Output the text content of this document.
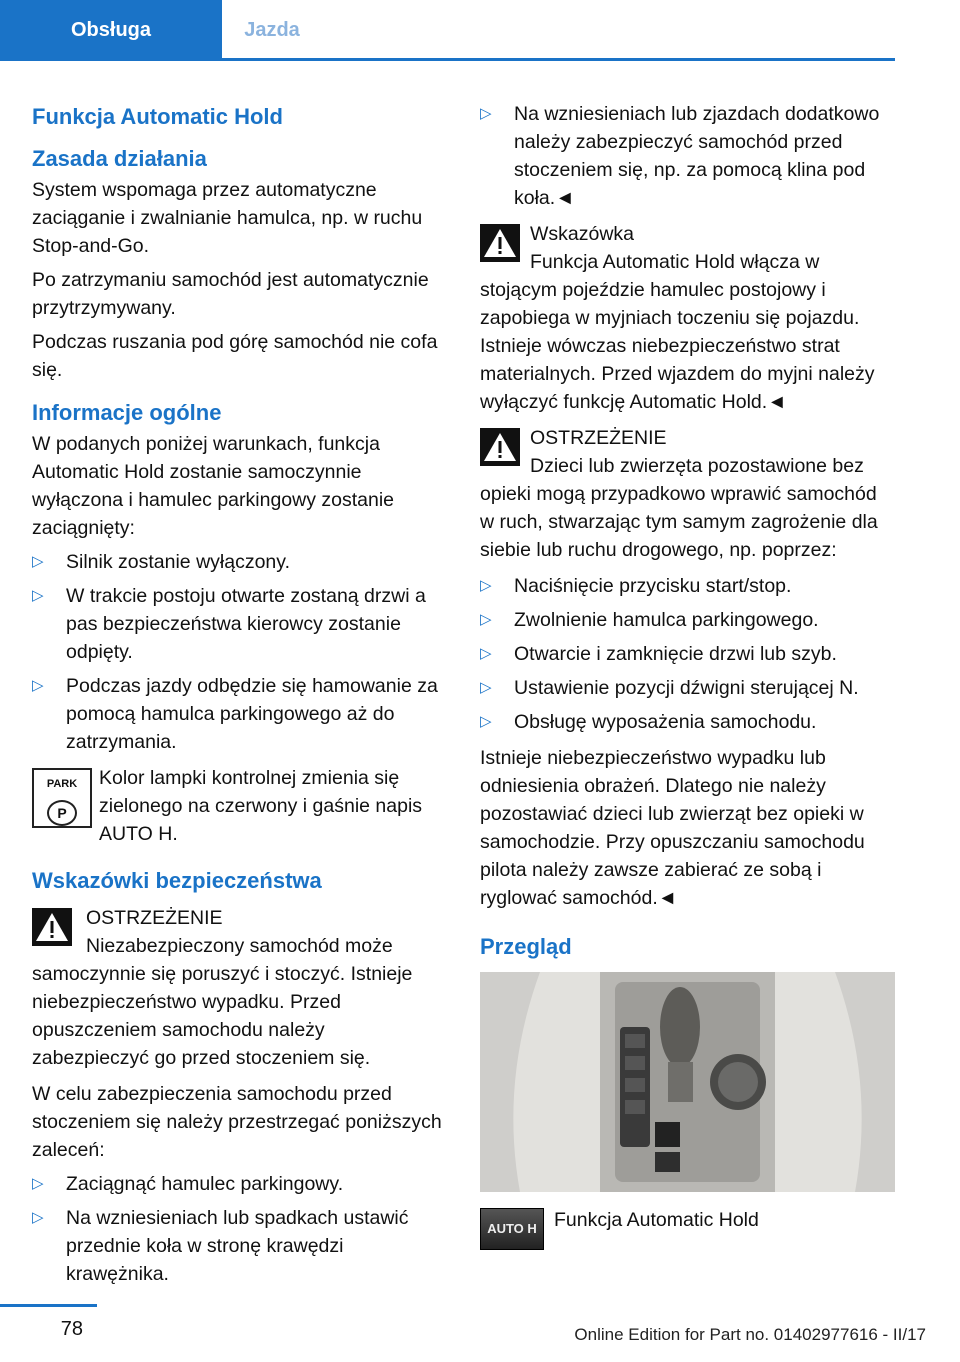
Obsługa	Jazda
Funkcja Automatic Hold
Zasada działania

System wspomaga przez automatyczne zaciąganie i zwalnianie hamulca, np. w ruchu Stop-and-Go.

Po zatrzymaniu samochód jest automatycznie przytrzymywany.

Podczas ruszania pod górę samochód nie cofa się.

Informacje ogólne

W podanych poniżej warunkach, funkcja Automatic Hold zostanie samoczynnie wyłączona i hamulec parkingowy zostanie zaciągnięty:

▷ Silnik zostanie wyłączony.
▷ W trakcie postoju otwarte zostaną drzwi a pas bezpieczeństwa kierowcy zostanie odpięty.
▷ Podczas jazdy odbędzie się hamowanie za pomocą hamulca parkingowego aż do zatrzymania.
PARK
P
Kolor lampki kontrolnej zmienia się zielonego na czerwony i gaśnie napis AUTO H.
Wskazówki bezpieczeństwa
OSTRZEŻENIE
Niezabezpieczony samochód może samoczynnie się poruszyć i stoczyć. Istnieje niebezpieczeństwo wypadku. Przed opuszczeniem samochodu należy zabezpieczyć go przed stoczeniem się.

W celu zabezpieczenia samochodu przed stoczeniem się należy przestrzegać poniższych zaleceń:

▷ Zaciągnąć hamulec parkingowy.
▷ Na wzniesieniach lub spadkach ustawić przednie koła w stronę krawędzi krawężnika.
▷ Na wzniesieniach lub zjazdach dodatkowo należy zabezpieczyć samochód przed stoczeniem się, np. za pomocą klina pod koła.◄
Wskazówka
Funkcja Automatic Hold włącza w stojącym pojeździe hamulec postojowy i zapobiega w myjniach toczeniu się pojazdu. Istnieje wówczas niebezpieczeństwo strat materialnych. Przed wjazdem do myjni należy wyłączyć funkcję Automatic Hold.◄
OSTRZEŻENIE
Dzieci lub zwierzęta pozostawione bez opieki mogą przypadkowo wprawić samochód w ruch, stwarzając tym samym zagrożenie dla siebie lub ruchu drogowego, np. poprzez:
▷ Naciśnięcie przycisku start/stop.
▷ Zwolnienie hamulca parkingowego.
▷ Otwarcie i zamknięcie drzwi lub szyb.
▷ Ustawienie pozycji dźwigni sterującej N.
▷ Obsługę wyposażenia samochodu.

Istnieje niebezpieczeństwo wypadku lub odniesienia obrażeń. Dlatego nie należy pozostawiać dzieci lub zwierząt bez opieki w samochodzie. Przy opuszczaniu samochodu pilota należy zawsze zabierać ze sobą i ryglować samochód.◄

Przegląd
AUTO H Funkcja Automatic Hold
78	Online Edition for Part no. 01402977616 - II/17
